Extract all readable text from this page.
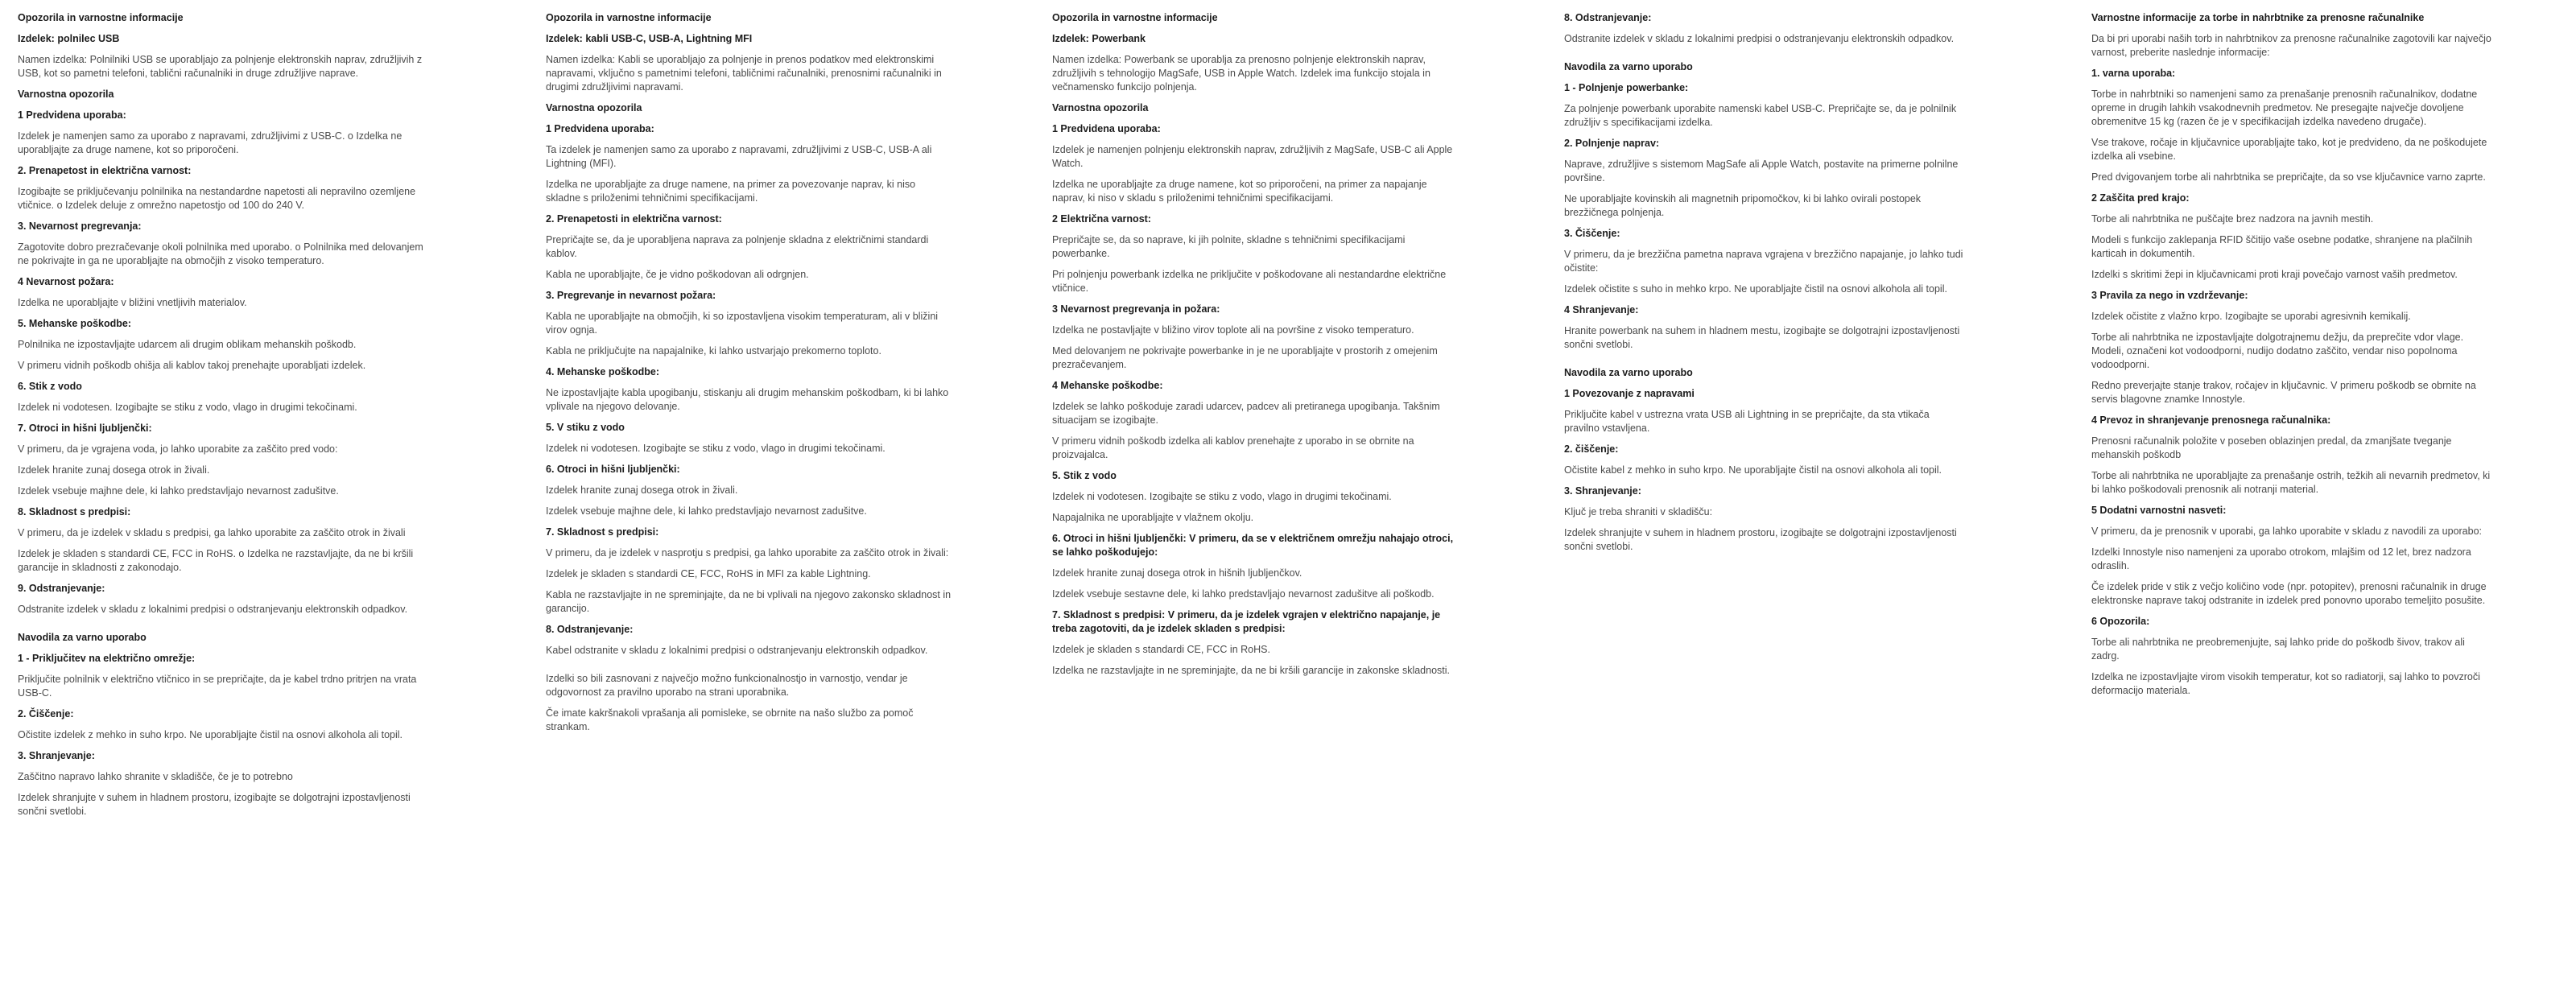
Opozorila in varnostne informacije
Izdelek: polnilec USB

Namen izdelka: Polnilniki USB se uporabljajo za polnjenje elektronskih naprav, združljivih z USB, kot so pametni telefoni, tablični računalniki in druge združljive naprave.

Varnostna opozorila
1 Predvidena uporaba:

Izdelek je namenjen samo za uporabo z napravami, združljivimi z USB-C. o Izdelka ne uporabljajte za druge namene, kot so priporočeni.

2. Prenapetost in električna varnost:

Izogibajte se priključevanju polnilnika na nestandardne napetosti ali nepravilno ozemljene vtičnice. o Izdelek deluje z omrežno napetostjo od 100 do 240 V.

3. Nevarnost pregrevanja:

Zagotovite dobro prezračevanje okoli polnilnika med uporabo. o Polnilnika med delovanjem ne pokrivajte in ga ne uporabljajte na območjih z visoko temperaturo.

4 Nevarnost požara:

Izdelka ne uporabljajte v bližini vnetljivih materialov.

5. Mehanske poškodbe:

Polnilnika ne izpostavljajte udarcem ali drugim oblikam mehanskih poškodb.

V primeru vidnih poškodb ohišja ali kablov takoj prenehajte uporabljati izdelek.

6. Stik z vodo

Izdelek ni vodotesen. Izogibajte se stiku z vodo, vlago in drugimi tekočinami.

7. Otroci in hišni ljubljenčki:

V primeru, da je vgrajena voda, jo lahko uporabite za zaščito pred vodo:

Izdelek hranite zunaj dosega otrok in živali.

Izdelek vsebuje majhne dele, ki lahko predstavljajo nevarnost zadušitve.

8. Skladnost s predpisi:

V primeru, da je izdelek v skladu s predpisi, ga lahko uporabite za zaščito otrok in živali

Izdelek je skladen s standardi CE, FCC in RoHS. o Izdelka ne razstavljajte, da ne bi kršili garancije in skladnosti z zakonodajo.

9. Odstranjevanje:

Odstranite izdelek v skladu z lokalnimi predpisi o odstranjevanju elektronskih odpadkov.

Navodila za varno uporabo
1 - Priključitev na električno omrežje:

Priključite polnilnik v električno vtičnico in se prepričajte, da je kabel trdno pritrjen na vrata USB-C.

2. Čiščenje:

Očistite izdelek z mehko in suho krpo. Ne uporabljajte čistil na osnovi alkohola ali topil.

3. Shranjevanje:

Zaščitno napravo lahko shranite v skladišče, če je to potrebno

Izdelek shranjujte v suhem in hladnem prostoru, izogibajte se dolgotrajni izpostavljenosti sončni svetlobi.

Opozorila in varnostne informacije
Izdelek: kabli USB-C, USB-A, Lightning MFI

Namen izdelka: Kabli se uporabljajo za polnjenje in prenos podatkov med elektronskimi napravami, vključno s pametnimi telefoni, tabličnimi računalniki, prenosnimi računalniki in drugimi združljivimi napravami.

Varnostna opozorila
1 Predvidena uporaba:

Ta izdelek je namenjen samo za uporabo z napravami, združljivimi z USB-C, USB-A ali Lightning (MFI).

Izdelka ne uporabljajte za druge namene, na primer za povezovanje naprav, ki niso skladne s priloženimi tehničnimi specifikacijami.

2. Prenapetosti in električna varnost:

Prepričajte se, da je uporabljena naprava za polnjenje skladna z električnimi standardi kablov.

Kabla ne uporabljajte, če je vidno poškodovan ali odrgnjen.

3. Pregrevanje in nevarnost požara:

Kabla ne uporabljajte na območjih, ki so izpostavljena visokim temperaturam, ali v bližini virov ognja.

Kabla ne priključujte na napajalnike, ki lahko ustvarjajo prekomerno toploto.

4. Mehanske poškodbe:

Ne izpostavljajte kabla upogibanju, stiskanju ali drugim mehanskim poškodbam, ki bi lahko vplivale na njegovo delovanje.

5. V stiku z vodo

Izdelek ni vodotesen. Izogibajte se stiku z vodo, vlago in drugimi tekočinami.

6. Otroci in hišni ljubljenčki:

Izdelek hranite zunaj dosega otrok in živali.

Izdelek vsebuje majhne dele, ki lahko predstavljajo nevarnost zadušitve.

7. Skladnost s predpisi:

V primeru, da je izdelek v nasprotju s predpisi, ga lahko uporabite za zaščito otrok in živali:

Izdelek je skladen s standardi CE, FCC, RoHS in MFI za kable Lightning.

Kabla ne razstavljajte in ne spreminjajte, da ne bi vplivali na njegovo zakonsko skladnost in garancijo.

8. Odstranjevanje:

Kabel odstranite v skladu z lokalnimi predpisi o odstranjevanju elektronskih odpadkov.

Izdelki so bili zasnovani z največjo možno funkcionalnostjo in varnostjo, vendar je odgovornost za pravilno uporabo na strani uporabnika.

Če imate kakršnakoli vprašanja ali pomisleke, se obrnite na našo službo za pomoč strankam.

Opozorila in varnostne informacije
Izdelek: Powerbank

Namen izdelka: Powerbank se uporablja za prenosno polnjenje elektronskih naprav, združljivih s tehnologijo MagSafe, USB in Apple Watch. Izdelek ima funkcijo stojala in večnamensko funkcijo polnjenja.

Varnostna opozorila
1 Predvidena uporaba:

Izdelek je namenjen polnjenju elektronskih naprav, združljivih z MagSafe, USB-C ali Apple Watch.

Izdelka ne uporabljajte za druge namene, kot so priporočeni, na primer za napajanje naprav, ki niso v skladu s priloženimi tehničnimi specifikacijami.

2 Električna varnost:

Prepričajte se, da so naprave, ki jih polnite, skladne s tehničnimi specifikacijami powerbanke.

Pri polnjenju powerbank izdelka ne priključite v poškodovane ali nestandardne električne vtičnice.

3 Nevarnost pregrevanja in požara:

Izdelka ne postavljajte v bližino virov toplote ali na površine z visoko temperaturo.

Med delovanjem ne pokrivajte powerbanke in je ne uporabljajte v prostorih z omejenim prezračevanjem.

4 Mehanske poškodbe:

Izdelek se lahko poškoduje zaradi udarcev, padcev ali pretiranega upogibanja. Takšnim situacijam se izogibajte.

V primeru vidnih poškodb izdelka ali kablov prenehajte z uporabo in se obrnite na proizvajalca.

5. Stik z vodo

Izdelek ni vodotesen. Izogibajte se stiku z vodo, vlago in drugimi tekočinami.

Napajalnika ne uporabljajte v vlažnem okolju.

6. Otroci in hišni ljubljenčki: V primeru, da se v električnem omrežju nahajajo otroci, se lahko poškodujejo:

Izdelek hranite zunaj dosega otrok in hišnih ljubljenčkov.

Izdelek vsebuje sestavne dele, ki lahko predstavljajo nevarnost zadušitve ali poškodb.

7. Skladnost s predpisi: V primeru, da je izdelek vgrajen v električno napajanje, je treba zagotoviti, da je izdelek skladen s predpisi:

Izdelek je skladen s standardi CE, FCC in RoHS.

Izdelka ne razstavljajte in ne spreminjajte, da ne bi kršili garancije in zakonske skladnosti.

8. Odstranjevanje:

Odstranite izdelek v skladu z lokalnimi predpisi o odstranjevanju elektronskih odpadkov.

Navodila za varno uporabo
1 - Polnjenje powerbanke:

Za polnjenje powerbank uporabite namenski kabel USB-C. Prepričajte se, da je polnilnik združljiv s specifikacijami izdelka.

2. Polnjenje naprav:

Naprave, združljive s sistemom MagSafe ali Apple Watch, postavite na primerne polnilne površine.

Ne uporabljajte kovinskih ali magnetnih pripomočkov, ki bi lahko ovirali postopek brezžičnega polnjenja.

3. Čiščenje:

V primeru, da je brezžična pametna naprava vgrajena v brezžično napajanje, jo lahko tudi očistite:

Izdelek očistite s suho in mehko krpo. Ne uporabljajte čistil na osnovi alkohola ali topil.

4 Shranjevanje:

Hranite powerbank na suhem in hladnem mestu, izogibajte se dolgotrajni izpostavljenosti sončni svetlobi.

Navodila za varno uporabo
1 Povezovanje z napravami

Priključite kabel v ustrezna vrata USB ali Lightning in se prepričajte, da sta vtikača pravilno vstavljena.

2. čiščenje:

Očistite kabel z mehko in suho krpo. Ne uporabljajte čistil na osnovi alkohola ali topil.

3. Shranjevanje:

Ključ je treba shraniti v skladišču:

Izdelek shranjujte v suhem in hladnem prostoru, izogibajte se dolgotrajni izpostavljenosti sončni svetlobi.

Varnostne informacije za torbe in nahrbtnike za prenosne računalnike

Da bi pri uporabi naših torb in nahrbtnikov za prenosne računalnike zagotovili kar največjo varnost, preberite naslednje informacije:

1. varna uporaba:

Torbe in nahrbtniki so namenjeni samo za prenašanje prenosnih računalnikov, dodatne opreme in drugih lahkih vsakodnevnih predmetov. Ne presegajte največje dovoljene obremenitve 15 kg (razen če je v specifikacijah izdelka navedeno drugače).

Vse trakove, ročaje in ključavnice uporabljajte tako, kot je predvideno, da ne poškodujete izdelka ali vsebine.

Pred dvigovanjem torbe ali nahrbtnika se prepričajte, da so vse ključavnice varno zaprte.

2 Zaščita pred krajo:

Torbe ali nahrbtnika ne puščajte brez nadzora na javnih mestih.

Modeli s funkcijo zaklepanja RFID ščitijo vaše osebne podatke, shranjene na plačilnih karticah in dokumentih.

Izdelki s skritimi žepi in ključavnicami proti kraji povečajo varnost vaših predmetov.

3 Pravila za nego in vzdrževanje:

Izdelek očistite z vlažno krpo. Izogibajte se uporabi agresivnih kemikalij.

Torbe ali nahrbtnika ne izpostavljajte dolgotrajnemu dežju, da preprečite vdor vlage. Modeli, označeni kot vodoodporni, nudijo dodatno zaščito, vendar niso popolnoma vodoodporni.

Redno preverjajte stanje trakov, ročajev in ključavnic. V primeru poškodb se obrnite na servis blagovne znamke Innostyle.

4 Prevoz in shranjevanje prenosnega računalnika:

Prenosni računalnik položite v poseben oblazinjen predal, da zmanjšate tveganje mehanskih poškodb

Torbe ali nahrbtnika ne uporabljajte za prenašanje ostrih, težkih ali nevarnih predmetov, ki bi lahko poškodovali prenosnik ali notranji material.

5 Dodatni varnostni nasveti:

V primeru, da je prenosnik v uporabi, ga lahko uporabite v skladu z navodili za uporabo:

Izdelki Innostyle niso namenjeni za uporabo otrokom, mlajšim od 12 let, brez nadzora odraslih.

Če izdelek pride v stik z večjo količino vode (npr. potopitev), prenosni računalnik in druge elektronske naprave takoj odstranite in izdelek pred ponovno uporabo temeljito posušite.

6 Opozorila:

Torbe ali nahrbtnika ne preobremenjujte, saj lahko pride do poškodb šivov, trakov ali zadrg.

Izdelka ne izpostavljajte virom visokih temperatur, kot so radiatorji, saj lahko to povzroči deformacijo materiala.
